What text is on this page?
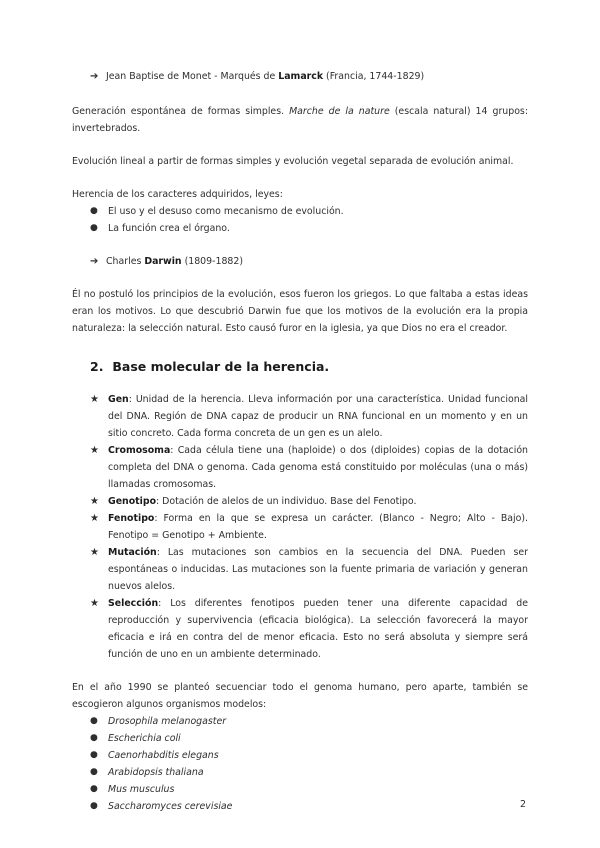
➔ Jean Baptise de Monet - Marqués de Lamarck (Francia, 1744-1829)

Generación espontánea de formas simples. Marche de la nature (escala natural) 14 grupos: invertebrados.

Evolución lineal a partir de formas simples y evolución vegetal separada de evolución animal.

Herencia de los caracteres adquiridos, leyes:

●	El uso y el desuso como mecanismo de evolución.
●	La función crea el órgano.

➔ Charles Darwin (1809-1882)

Él no postuló los principios de la evolución, esos fueron los griegos. Lo que faltaba a estas ideas eran los motivos. Lo que descubrió Darwin fue que los motivos de la evolución era la propia naturaleza: la selección natural. Esto causó furor en la iglesia, ya que Dios no era el creador.

2. Base molecular de la herencia.
★ Gen: Unidad de la herencia. Lleva información por una característica. Unidad funcional del DNA. Región de DNA capaz de producir un RNA funcional en un momento y en un sitio concreto. Cada forma concreta de un gen es un alelo.
★ Cromosoma: Cada célula tiene una (haploide) o dos (diploides) copias de la dotación completa del DNA o genoma. Cada genoma está constituido por moléculas (una o más) llamadas cromosomas.
★ Genotipo: Dotación de alelos de un individuo. Base del Fenotipo.
★ Fenotipo: Forma en la que se expresa un carácter. (Blanco - Negro; Alto - Bajo). Fenotipo = Genotipo + Ambiente.
★ Mutación: Las mutaciones son cambios en la secuencia del DNA. Pueden ser espontáneas o inducidas. Las mutaciones son la fuente primaria de variación y generan nuevos alelos.
★ Selección: Los diferentes fenotipos pueden tener una diferente capacidad de reproducción y supervivencia (eficacia biológica). La selección favorecerá la mayor eficacia e irá en contra del de menor eficacia. Esto no será absoluta y siempre será función de uno en un ambiente determinado.

En el año 1990 se planteó secuenciar todo el genoma humano, pero aparte, también se escogieron algunos organismos modelos:

●	Drosophila melanogaster
●	Escherichia coli
●	Caenorhabditis elegans
●	Arabidopsis thaliana
●	Mus musculus
●	Saccharomyces cerevisiae	2
